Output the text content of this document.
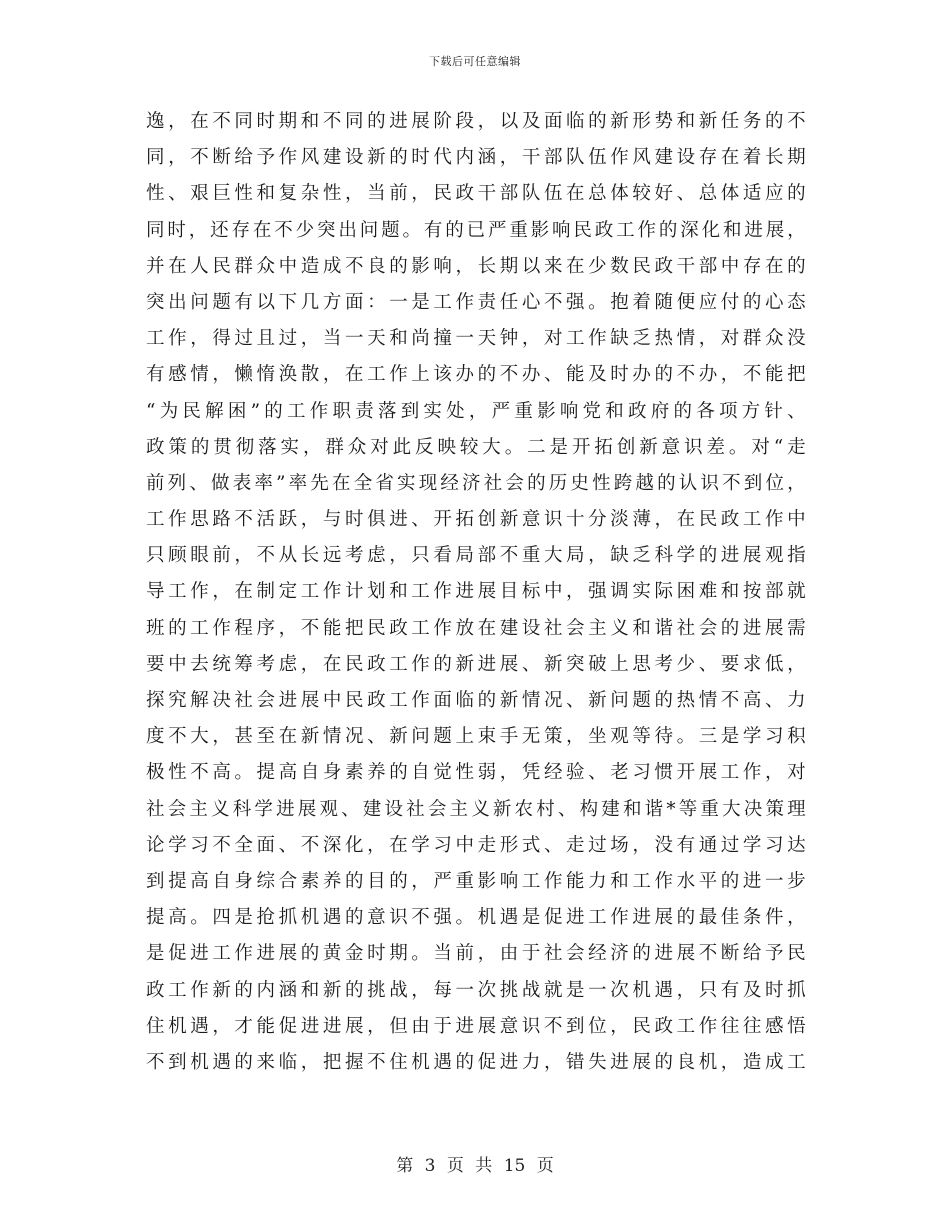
下载后可任意编辑
逸，在不同时期和不同的进展阶段，以及面临的新形势和新任务的不
同，不断给予作风建设新的时代内涵，干部队伍作风建设存在着长期
性、艰巨性和复杂性，当前，民政干部队伍在总体较好、总体适应的
同时，还存在不少突出问题。有的已严重影响民政工作的深化和进展，
并在人民群众中造成不良的影响，长期以来在少数民政干部中存在的
突出问题有以下几方面：一是工作责任心不强。抱着随便应付的心态
工作，得过且过，当一天和尚撞一天钟，对工作缺乏热情，对群众没
有感情，懒惰涣散，在工作上该办的不办、能及时办的不办，不能把
“为民解困”的工作职责落到实处，严重影响党和政府的各项方针、
政策的贯彻落实，群众对此反映较大。二是开拓创新意识差。对“走
前列、做表率”率先在全省实现经济社会的历史性跨越的认识不到位，
工作思路不活跃，与时俱进、开拓创新意识十分淡薄，在民政工作中
只顾眼前，不从长远考虑，只看局部不重大局，缺乏科学的进展观指
导工作，在制定工作计划和工作进展目标中，强调实际困难和按部就
班的工作程序，不能把民政工作放在建设社会主义和谐社会的进展需
要中去统筹考虑，在民政工作的新进展、新突破上思考少、要求低，
探究解决社会进展中民政工作面临的新情况、新问题的热情不高、力
度不大，甚至在新情况、新问题上束手无策，坐观等待。三是学习积
极性不高。提高自身素养的自觉性弱，凭经验、老习惯开展工作，对
社会主义科学进展观、建设社会主义新农村、构建和谐*等重大决策理
论学习不全面、不深化，在学习中走形式、走过场，没有通过学习达
到提高自身综合素养的目的，严重影响工作能力和工作水平的进一步
提高。四是抢抓机遇的意识不强。机遇是促进工作进展的最佳条件，
是促进工作进展的黄金时期。当前，由于社会经济的进展不断给予民
政工作新的内涵和新的挑战，每一次挑战就是一次机遇，只有及时抓
住机遇，才能促进进展，但由于进展意识不到位，民政工作往往感悟
不到机遇的来临，把握不住机遇的促进力，错失进展的良机，造成工
第 3 页 共 15 页
